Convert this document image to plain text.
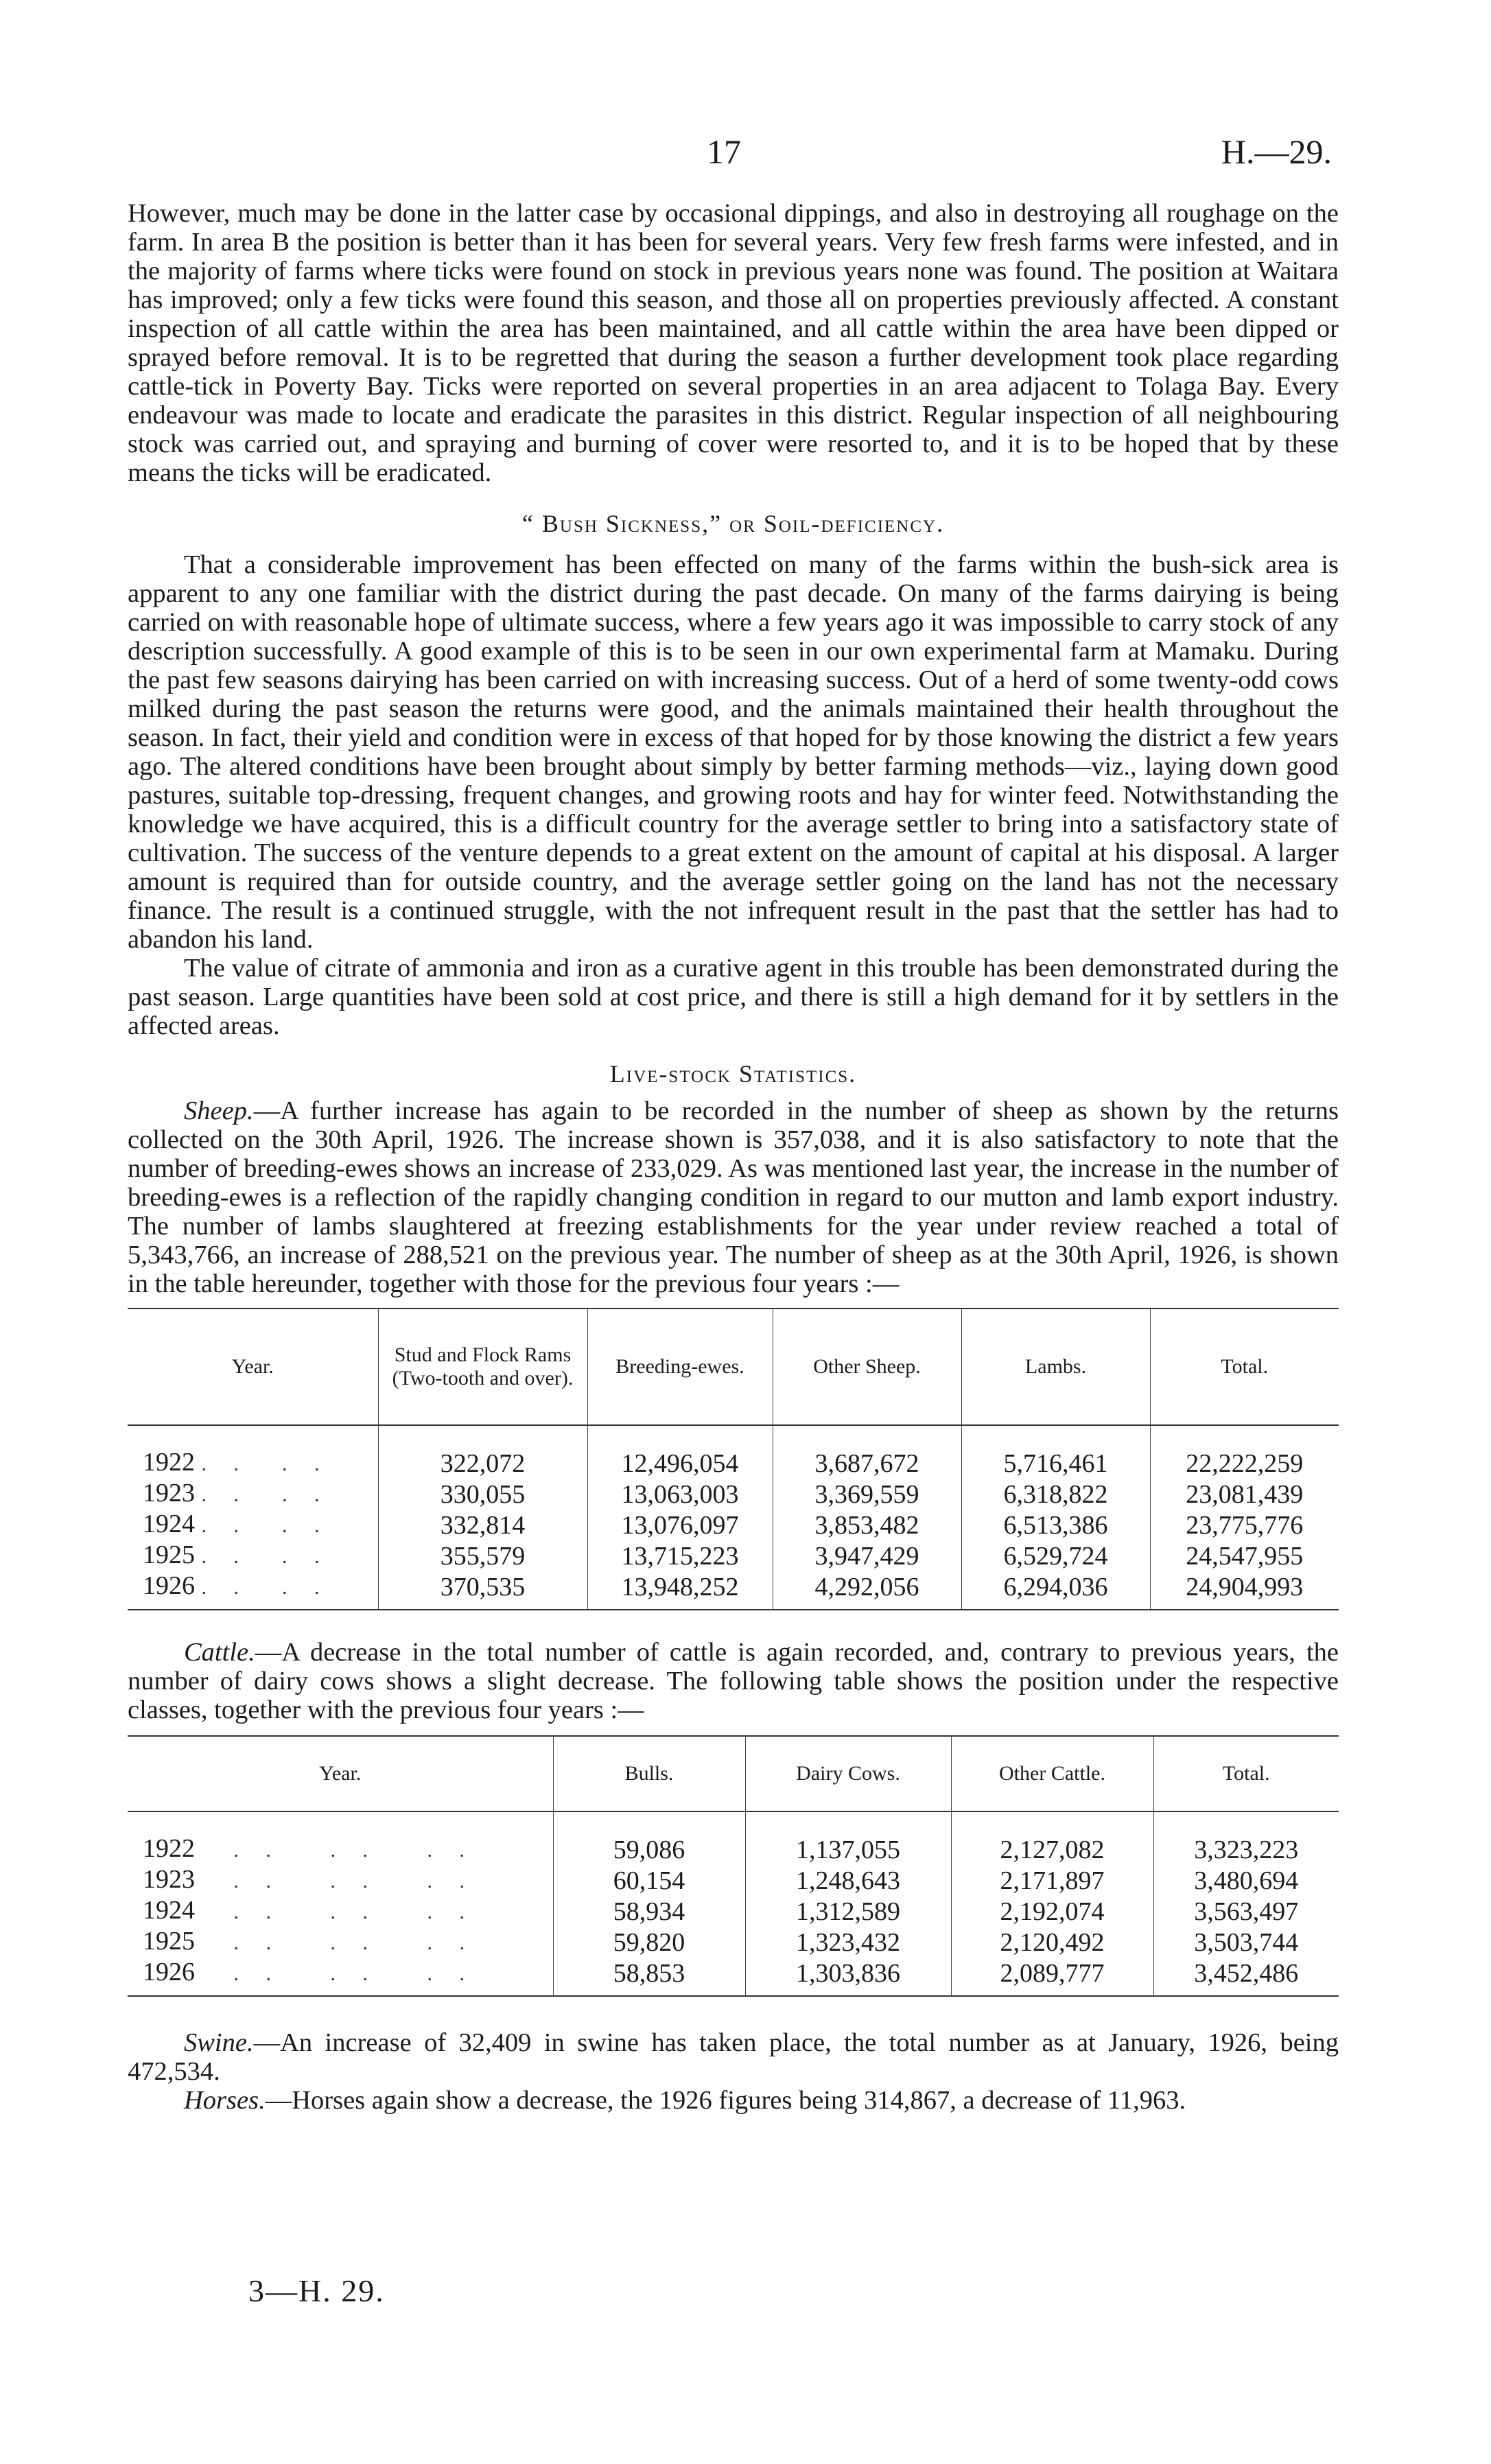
17	H.—29.

However, much may be done in the latter case by occasional dippings, and also in destroying all roughage on the farm. In area B the position is better than it has been for several years. Very few fresh farms were infested, and in the majority of farms where ticks were found on stock in previous years none was found. The position at Waitara has improved; only a few ticks were found this season, and those all on properties previously affected. A constant inspection of all cattle within the area has been maintained, and all cattle within the area have been dipped or sprayed before removal. It is to be regretted that during the season a further development took place regarding cattle-tick in Poverty Bay. Ticks were reported on several properties in an area adjacent to Tolaga Bay. Every endeavour was made to locate and eradicate the parasites in this district. Regular inspection of all neighbouring stock was carried out, and spraying and burning of cover were resorted to, and it is to be hoped that by these means the ticks will be eradicated.

“ Bush Sickness,” or Soil-deficiency.

That a considerable improvement has been effected on many of the farms within the bush-sick area is apparent to any one familiar with the district during the past decade. On many of the farms dairying is being carried on with reasonable hope of ultimate success, where a few years ago it was impossible to carry stock of any description successfully. A good example of this is to be seen in our own experimental farm at Mamaku. During the past few seasons dairying has been carried on with increasing success. Out of a herd of some twenty-odd cows milked during the past season the returns were good, and the animals maintained their health throughout the season. In fact, their yield and condition were in excess of that hoped for by those knowing the district a few years ago. The altered conditions have been brought about simply by better farming methods—viz., laying down good pastures, suitable top-dressing, frequent changes, and growing roots and hay for winter feed. Notwithstanding the knowledge we have acquired, this is a difficult country for the average settler to bring into a satisfactory state of cultivation. The success of the venture depends to a great extent on the amount of capital at his disposal. A larger amount is required than for outside country, and the average settler going on the land has not the necessary finance. The result is a continued struggle, with the not infrequent result in the past that the settler has had to abandon his land.

The value of citrate of ammonia and iron as a curative agent in this trouble has been demonstrated during the past season. Large quantities have been sold at cost price, and there is still a high demand for it by settlers in the affected areas.

Live-stock Statistics.

Sheep.—A further increase has again to be recorded in the number of sheep as shown by the returns collected on the 30th April, 1926. The increase shown is 357,038, and it is also satisfactory to note that the number of breeding-ewes shows an increase of 233,029. As was mentioned last year, the increase in the number of breeding-ewes is a reflection of the rapidly changing condition in regard to our mutton and lamb export industry. The number of lambs slaughtered at freezing establishments for the year under review reached a total of 5,343,766, an increase of 288,521 on the previous year. The number of sheep as at the 30th April, 1926, is shown in the table hereunder, together with those for the previous four years :—

Year.	Stud and Flock Rams (Two-tooth and over).	Breeding-ewes.	Other Sheep.	Lambs.	Total.

1922 . .  . .	322,072	12,496,054	3,687,672	5,716,461	22,222,259
1923 . .  . .	330,055	13,063,003	3,369,559	6,318,822	23,081,439
1924 . .  . .	332,814	13,076,097	3,853,482	6,513,386	23,775,776
1925 . .  . .	355,579	13,715,223	3,947,429	6,529,724	24,547,955
1926 . .  . .	370,535	13,948,252	4,292,056	6,294,036	24,904,993

Cattle.—A decrease in the total number of cattle is again recorded, and, contrary to previous years, the number of dairy cows shows a slight decrease. The following table shows the position under the respective classes, together with the previous four years :—

Year.	Bulls.	Dairy Cows.	Other Cattle.	Total.

1922   . .   . .   . .	59,086	1,137,055	2,127,082	3,323,223
1923   . .   . .   . .	60,154	1,248,643	2,171,897	3,480,694
1924   . .   . .   . .	58,934	1,312,589	2,192,074	3,563,497
1925   . .   . .   . .	59,820	1,323,432	2,120,492	3,503,744
1926   . .   . .   . .	58,853	1,303,836	2,089,777	3,452,486

Swine.—An increase of 32,409 in swine has taken place, the total number as at January, 1926, being 472,534.

Horses.—Horses again show a decrease, the 1926 figures being 314,867, a decrease of 11,963.

3—H. 29.
